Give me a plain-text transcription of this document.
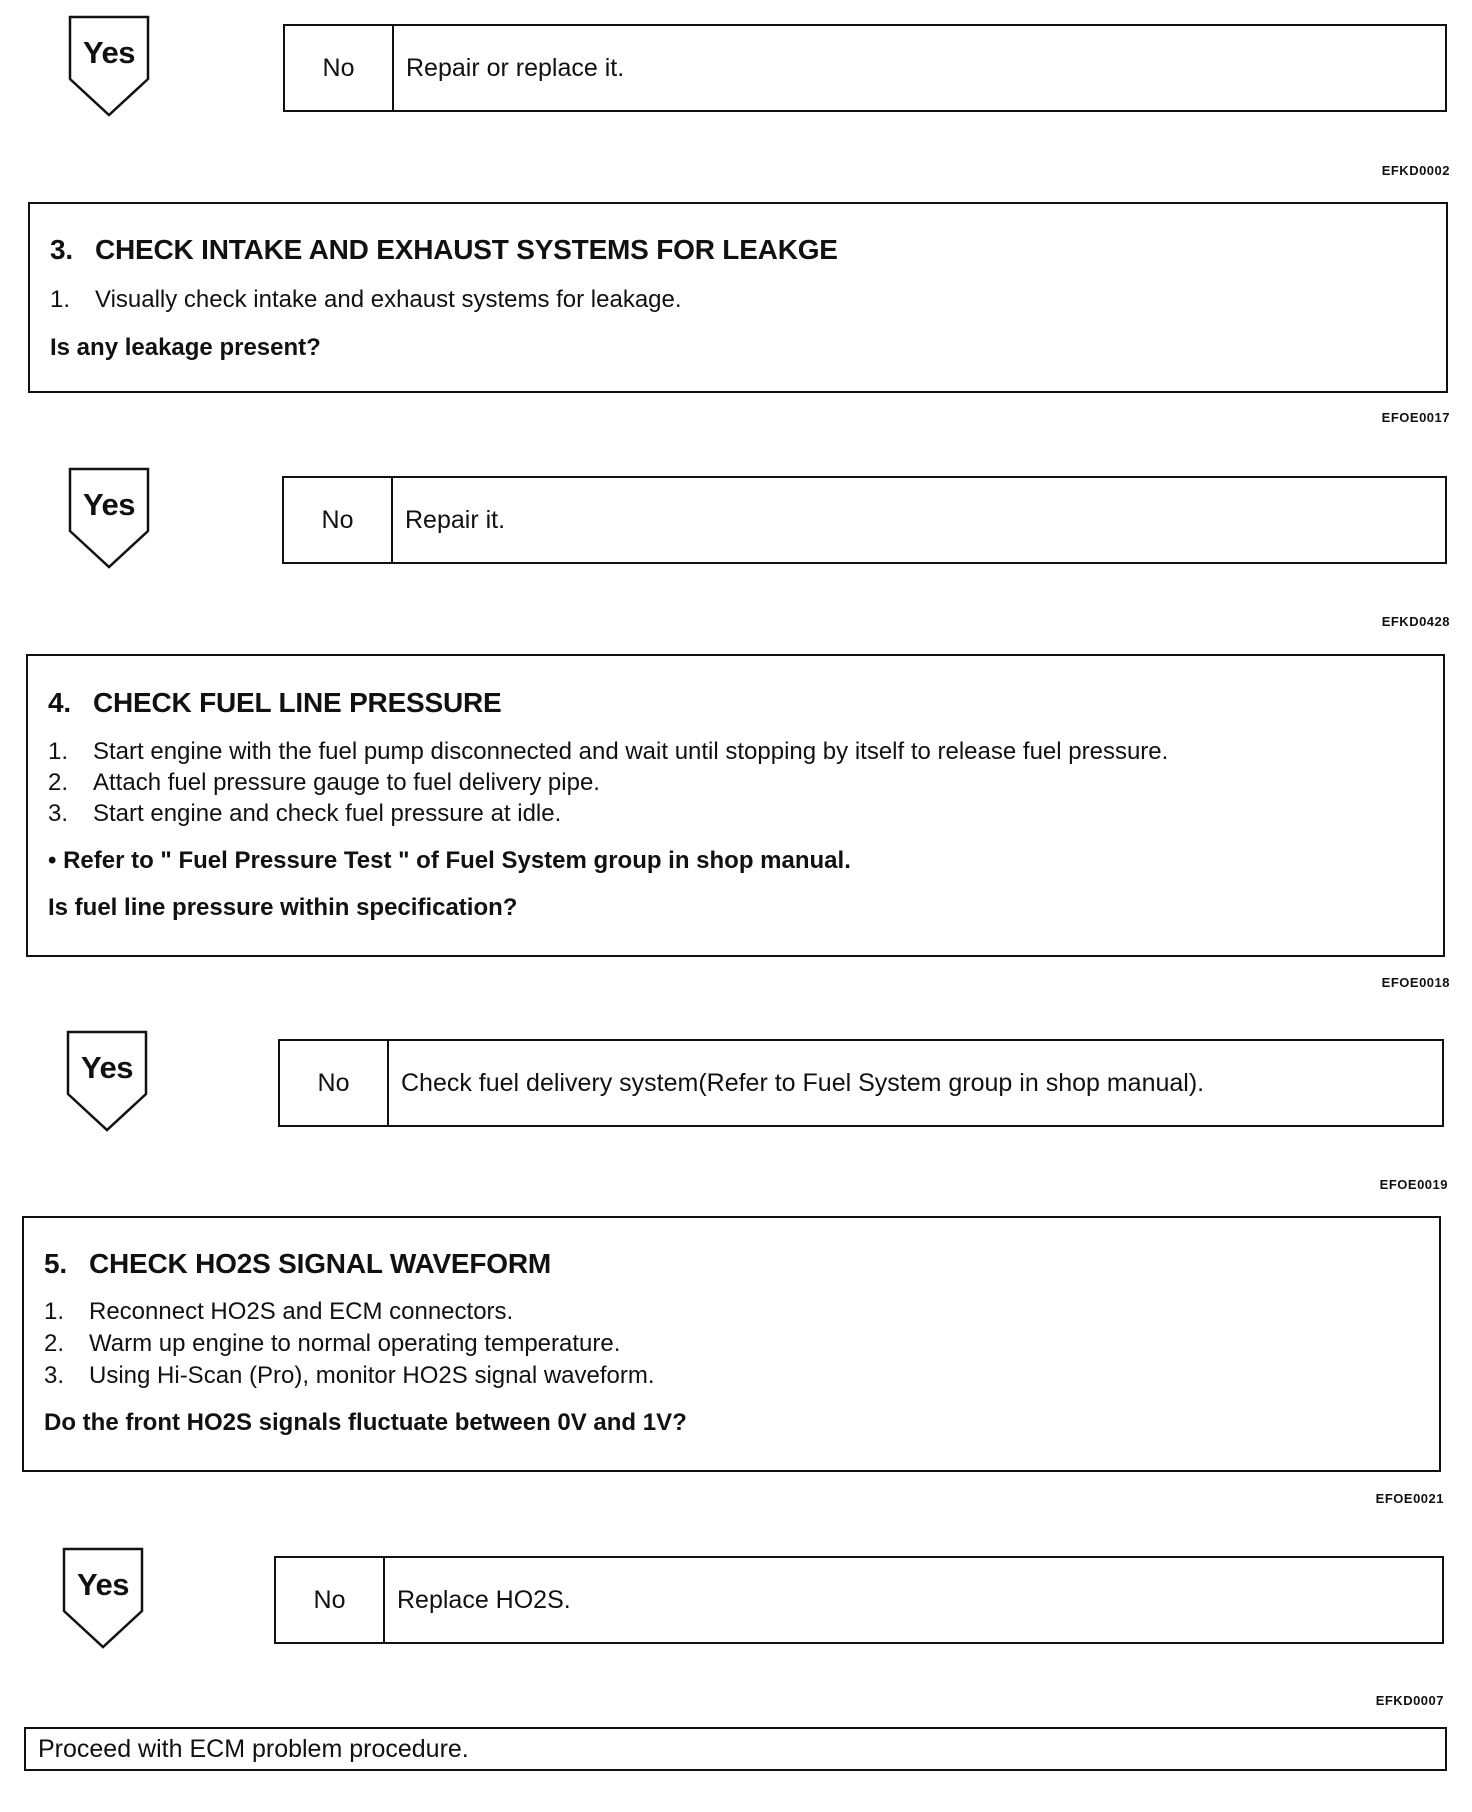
Yes	No	Repair or replace it.
EFKD0002
3. CHECK INTAKE AND EXHAUST SYSTEMS FOR LEAKGE
1. Visually check intake and exhaust systems for leakage.
Is any leakage present?
EFOE0017
Yes	No	Repair it.
EFKD0428
4. CHECK FUEL LINE PRESSURE
1. Start engine with the fuel pump disconnected and wait until stopping by itself to release fuel pressure.
2. Attach fuel pressure gauge to fuel delivery pipe.
3. Start engine and check fuel pressure at idle.
• Refer to " Fuel Pressure Test " of Fuel System group in shop manual.
Is fuel line pressure within specification?
EFOE0018
Yes	No	Check fuel delivery system(Refer to Fuel System group in shop manual).
EFOE0019
5. CHECK HO2S SIGNAL WAVEFORM
1. Reconnect HO2S and ECM connectors.
2. Warm up engine to normal operating temperature.
3. Using Hi-Scan (Pro), monitor HO2S signal waveform.
Do the front HO2S signals fluctuate between 0V and 1V?
EFOE0021
Yes	No	Replace HO2S.
EFKD0007
Proceed with ECM problem procedure.
